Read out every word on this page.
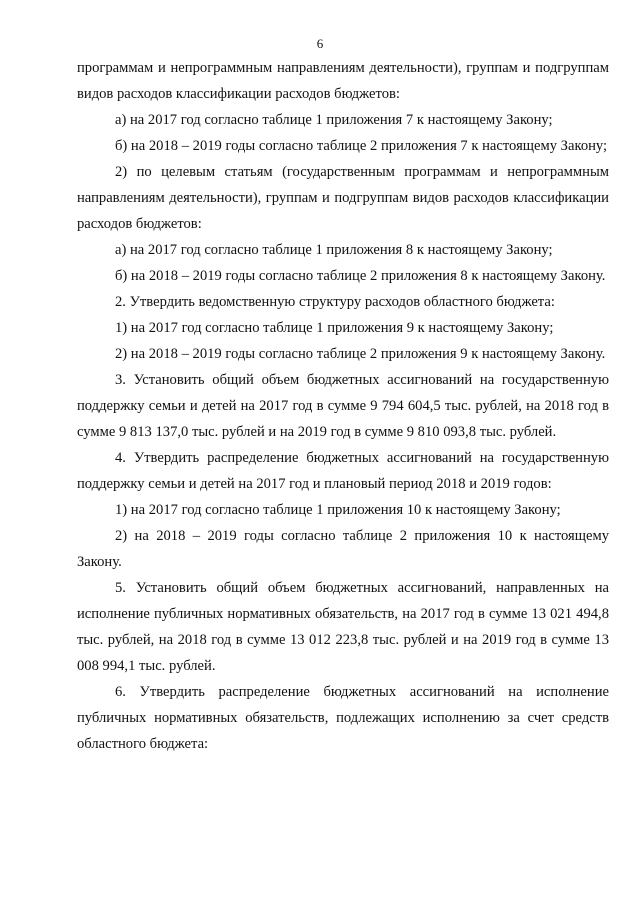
6

программам и непрограммным направлениям деятельности), группам и подгруппам видов расходов классификации расходов бюджетов:

а) на 2017 год согласно таблице 1 приложения 7 к настоящему Закону;

б) на 2018 – 2019 годы согласно таблице 2 приложения 7 к настоящему Закону;

2) по целевым статьям (государственным программам и непрограммным направлениям деятельности), группам и подгруппам видов расходов классификации расходов бюджетов:

а) на 2017 год согласно таблице 1 приложения 8 к настоящему Закону;

б) на 2018 – 2019 годы согласно таблице 2 приложения 8 к настоящему Закону.

2. Утвердить ведомственную структуру расходов областного бюджета:

1) на 2017 год согласно таблице 1 приложения 9 к настоящему Закону;

2) на 2018 – 2019 годы согласно таблице 2 приложения 9 к настоящему Закону.

3. Установить общий объем бюджетных ассигнований на государственную поддержку семьи и детей на 2017 год в сумме 9 794 604,5 тыс. рублей, на 2018 год в сумме 9 813 137,0 тыс. рублей и на 2019 год в сумме 9 810 093,8 тыс. рублей.

4. Утвердить распределение бюджетных ассигнований на государственную поддержку семьи и детей на 2017 год и плановый период 2018 и 2019 годов:

1) на 2017 год согласно таблице 1 приложения 10 к настоящему Закону;

2) на 2018 – 2019 годы согласно таблице 2 приложения 10 к настоящему Закону.

5. Установить общий объем бюджетных ассигнований, направленных на исполнение публичных нормативных обязательств, на 2017 год в сумме 13 021 494,8 тыс. рублей, на 2018 год в сумме 13 012 223,8 тыс. рублей и на 2019 год в сумме 13 008 994,1 тыс. рублей.

6. Утвердить распределение бюджетных ассигнований на исполнение публичных нормативных обязательств, подлежащих исполнению за счет средств областного бюджета:
